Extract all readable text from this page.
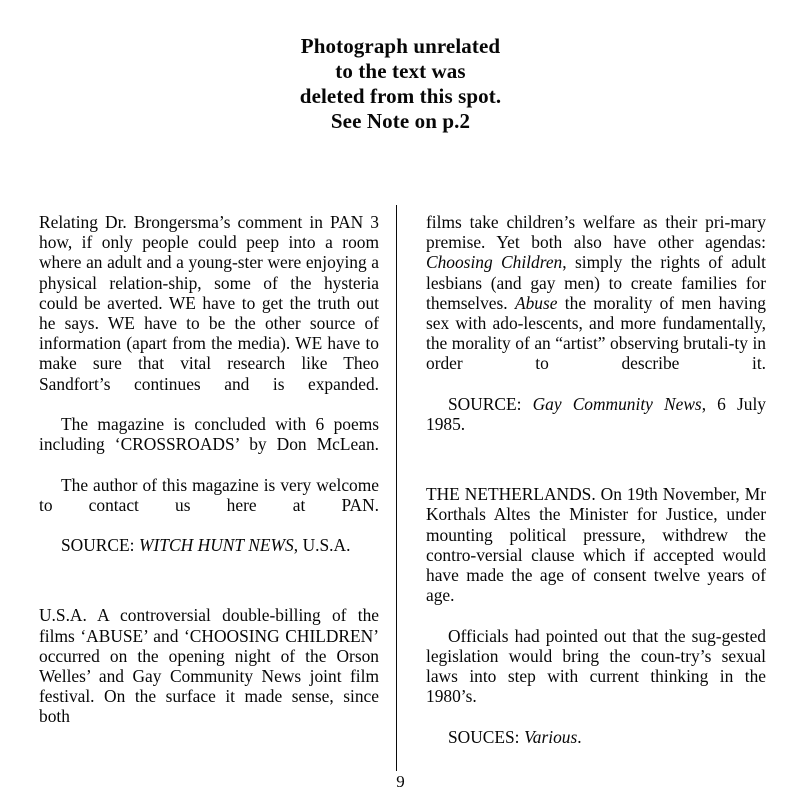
Photograph unrelated
to the text was
deleted from this spot.
See Note on p.2

Relating Dr. Brongersma’s comment in PAN 3 how, if only people could peep into a room where an adult and a young-ster were enjoying a physical relation-ship, some of the hysteria could be averted. WE have to get the truth out he says. WE have to be the other source of information (apart from the media). WE have to make sure that vital research like Theo Sandfort’s continues and is expanded.

The magazine is concluded with 6 poems including ‘CROSSROADS’ by Don McLean.

The author of this magazine is very welcome to contact us here at PAN.

SOURCE: WITCH HUNT NEWS, U.S.A.

U.S.A. A controversial double-billing of the films ‘ABUSE’ and ‘CHOOSING CHILDREN’ occurred on the opening night of the Orson Welles’ and Gay Community News joint film festival. On the surface it made sense, since both

films take children’s welfare as their pri-mary premise. Yet both also have other agendas: Choosing Children, simply the rights of adult lesbians (and gay men) to create families for themselves. Abuse the morality of men having sex with ado-lescents, and more fundamentally, the morality of an “artist” observing brutali-ty in order to describe it.

SOURCE: Gay Community News, 6 July 1985.

THE NETHERLANDS. On 19th November, Mr Korthals Altes the Minister for Justice, under mounting political pressure, withdrew the contro-versial clause which if accepted would have made the age of consent twelve years of age.

Officials had pointed out that the sug-gested legislation would bring the coun-try’s sexual laws into step with current thinking in the 1980’s.

SOUCES: Various.

9
